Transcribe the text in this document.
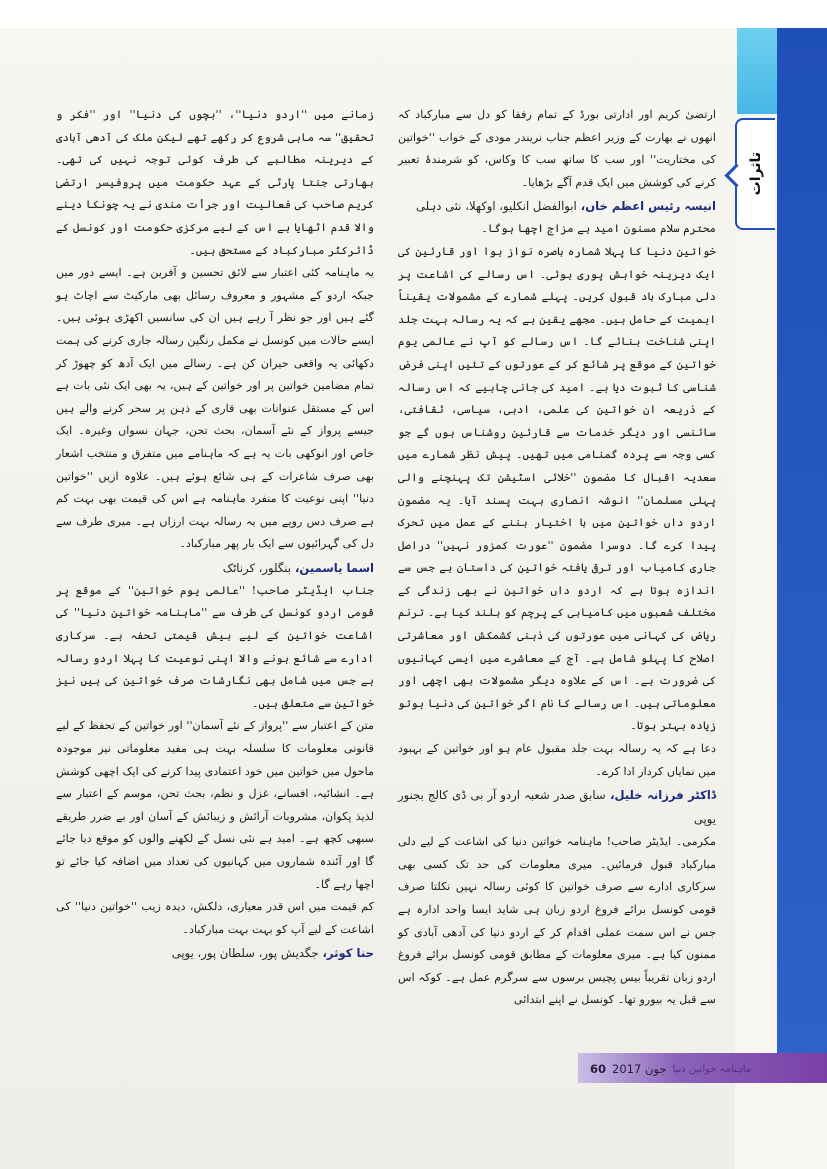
تاثرات

ارتضیٰ کریم اور ادارتی بورڈ کے تمام رفقا کو دل سے مبارکباد کہ انھوں نے بھارت کے وزیر اعظم جناب نریندر مودی کے خواب ''خواتین کی مختاریت'' اور سب کا ساتھ سب کا وکاس، کو شرمندۂ تعبیر کرنے کی کوشش میں ایک قدم آگے بڑھایا۔

انیسہ رئیس اعظم خاں، ابوالفضل انکلیو، اوکھلا، نئی دہلی

محترم سلام مسنون امید ہے مزاج اچھا ہوگا۔

خواتین دنیا کا پہلا شمارہ باصرہ نواز ہوا اور قارئین کی ایک دیرینہ خواہش پوری ہوئی۔ اس رسالے کی اشاعت پر دلی مبارک باد قبول کریں۔ پہلے شمارے کے مشمولات یقیناً اہمیت کے حامل ہیں۔ مجھے یقین ہے کہ یہ رسالہ بہت جلد اپنی شناخت بنائے گا۔ اس رسالے کو آپ نے عالمی یوم خواتین کے موقع پر شائع کر کے عورتوں کے تئیں اپنی فرض شناسی کا ثبوت دیا ہے۔ امید کی جانی چاہیے کہ اس رسالہ کے ذریعہ ان خواتین کی علمی، ادبی، سیاسی، ثقافتی، سائنسی اور دیگر خدمات سے قارئین روشناس ہوں گے جو کسی وجہ سے پردہ گمنامی میں تھیں۔ پیش نظر شمارے میں سعدیہ اقبال کا مضمون ''خلائی اسٹیشن تک پہنچنے والی پہلی مسلمان'' انوشہ انصاری بہت پسند آیا۔ یہ مضمون اردو داں خواتین میں با اختیار بننے کے عمل میں تحرک پیدا کرے گا۔ دوسرا مضمون ''عورت کمزور نہیں'' دراصل جاری کامیاب اور ترقی یافتہ خواتین کی داستان ہے جس سے اندازہ ہوتا ہے کہ اردو داں خواتین نے بھی زندگی کے مختلف شعبوں میں کامیابی کے پرچم کو بلند کیا ہے۔ ترنم ریاض کی کہانی میں عورتوں کی ذہنی کشمکش اور معاشرتی اصلاح کا پہلو شامل ہے۔ آج کے معاشرے میں ایسی کہانیوں کی ضرورت ہے۔ اس کے علاوہ دیگر مشمولات بھی اچھی اور معلوماتی ہیں۔ اس رسالے کا نام اگر خواتین کی دنیا ہوتو زیادہ بہتر ہوتا۔

دعا ہے کہ یہ رسالہ بہت جلد مقبول عام ہو اور خواتین کے بہبود میں نمایاں کردار ادا کرے۔

ڈاکٹر فرزانہ خلیل، سابق صدر شعبہ اردو آر بی ڈی کالج بجنور یوپی

مکرمی۔ ایڈیٹر صاحب! ماہنامہ خواتین دنیا کی اشاعت کے لیے دلی مبارکباد قبول فرمائیں۔ میری معلومات کی حد تک کسی بھی سرکاری ادارے سے صرف خواتین کا کوئی رسالہ نہیں نکلتا صرف قومی کونسل برائے فروغ اردو زبان ہی شاید ایسا واحد ادارہ ہے جس نے اس سمت عملی اقدام کر کے اردو دنیا کی آدھی آبادی کو ممنون کیا ہے۔ میری معلومات کے مطابق قومی کونسل برائے فروغ اردو زبان تقریباً بیس پچیس برسوں سے سرگرم عمل ہے۔ کوکہ اس سے قبل یہ بیورو تھا۔ کونسل نے اپنے ابتدائی

زمانے میں ''اردو دنیا''، ''بچوں کی دنیا'' اور ''فکر و تحقیق'' سہ ماہی شروع کر رکھے تھے لیکن ملک کی آدھی آبادی کے دیرینہ مطالبے کی طرف کوئی توجہ نہیں کی تھی۔ بھارتی جنتا پارٹی کے عہد حکومت میں پروفیسر ارتضیٰ کریم صاحب کی فعالیت اور جرأت مندی نے یہ چونکا دینے والا قدم اٹھایا ہے اس کے لیے مرکزی حکومت اور کونسل کے ڈائرکٹر مبارکباد کے مستحق ہیں۔

یہ ماہنامہ کئی اعتبار سے لائق تحسین و آفرین ہے۔ ایسے دور میں جبکہ اردو کے مشہور و معروف رسائل بھی مارکیٹ سے اچاٹ ہو گئے ہیں اور جو نظر آ رہے ہیں ان کی سانسیں اکھڑی ہوئی ہیں۔ ایسے حالات میں کونسل نے مکمل رنگین رسالہ جاری کرنے کی ہمت دکھائی یہ واقعی حیران کن ہے۔ رسالے میں ایک آدھ کو چھوڑ کر تمام مضامین خواتین پر اور خواتین کے ہیں، یہ بھی ایک نئی بات ہے اس کے مستقل عنوانات بھی قاری کے ذہن پر سحر کرنے والے ہیں جیسے پرواز کے نئے آسمان، بحث تحن، جہان نسواں وغیرہ۔ ایک خاص اور انوکھی بات یہ ہے کہ ماہنامے میں متفرق و منتخب اشعار بھی صرف شاعرات کے ہی شائع ہوئے ہیں۔ علاوہ ازیں ''خواتین دنیا'' اپنی نوعیت کا منفرد ماہنامہ ہے اس کی قیمت بھی بہت کم ہے صرف دس روپے میں یہ رسالہ بہت ارزاں ہے۔ میری طرف سے دل کی گہرائیوں سے ایک بار پھر مبارکباد۔

اسما یاسمین، بنگلور، کرناٹک

جناب ایڈیٹر صاحب! ''عالمی یوم خواتین'' کے موقع پر قومی اردو کونسل کی طرف سے ''ماہنامہ خواتین دنیا'' کی اشاعت خواتین کے لیے بیش قیمتی تحفہ ہے۔ سرکاری ادارے سے شائع ہونے والا اپنی نوعیت کا پہلا اردو رسالہ ہے جس میں شامل بھی نگارشات صرف خواتین کی ہیں نیز خواتین سے متعلق ہیں۔

متن کے اعتبار سے ''پرواز کے نئے آسمان'' اور خواتین کے تحفظ کے لیے قانونی معلومات کا سلسلہ بہت ہی مفید معلوماتی نیز موجودہ ماحول میں خواتین میں خود اعتمادی پیدا کرنے کی ایک اچھی کوشش ہے۔ انشائیہ، افسانے، غزل و نظم، بحث تحن، موسم کے اعتبار سے لذیذ پکوان، مشروبات آرائش و زیبائش کے آسان اور بے ضرر طریقے سبھی کچھ ہے۔ امید ہے نئی نسل کے لکھنے والوں کو موقع دیا جائے گا اور آئندہ شماروں میں کہانیوں کی تعداد میں اضافہ کیا جائے تو اچھا رہے گا۔

کم قیمت میں اس قدر معیاری، دلکش، دیدہ زیب ''خواتین دنیا'' کی اشاعت کے لیے آپ کو بہت بہت مبارکباد۔

حنا کوثر، جگدیش پور، سلطان پور، یوپی

60 2017 جون ماہنامہ خواتین دنیا
